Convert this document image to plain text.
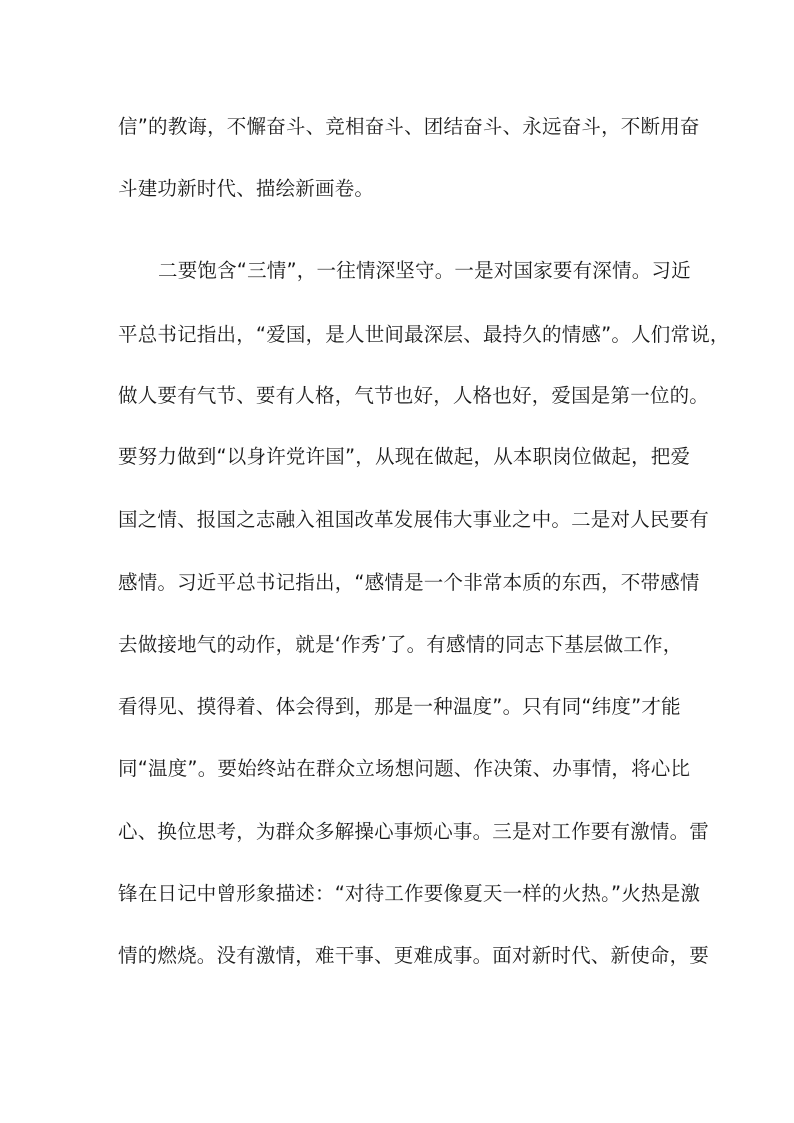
信”的教诲，不懈奋斗、竞相奋斗、团结奋斗、永远奋斗，不断用奋
斗建功新时代、描绘新画卷。
二要饱含“三情”，一往情深坚守。一是对国家要有深情。习近
平总书记指出，“爱国，是人世间最深层、最持久的情感”。人们常说，
做人要有气节、要有人格，气节也好，人格也好，爱国是第一位的。
要努力做到“以身许党许国”，从现在做起，从本职岗位做起，把爱
国之情、报国之志融入祖国改革发展伟大事业之中。二是对人民要有
感情。习近平总书记指出，“感情是一个非常本质的东西，不带感情
去做接地气的动作，就是‘作秀’了。有感情的同志下基层做工作，
看得见、摸得着、体会得到，那是一种温度”。只有同“纬度”才能
同“温度”。要始终站在群众立场想问题、作决策、办事情，将心比
心、换位思考，为群众多解操心事烦心事。三是对工作要有激情。雷
锋在日记中曾形象描述：“对待工作要像夏天一样的火热。”火热是激
情的燃烧。没有激情，难干事、更难成事。面对新时代、新使命，要
